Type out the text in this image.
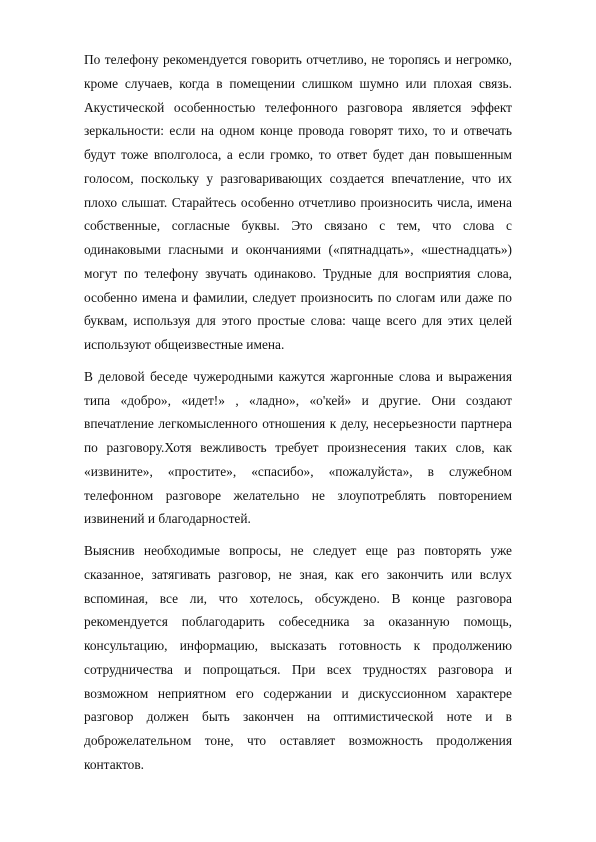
По телефону рекомендуется говорить отчетливо, не торопясь и негромко, кроме случаев, когда в помещении слишком шумно или плохая связь. Акустической особенностью телефонного разговора является эффект зеркальности: если на одном конце провода говорят тихо, то и отвечать будут тоже вполголоса, а если громко, то ответ будет дан повышенным голосом, поскольку у разговаривающих создается впечатление, что их плохо слышат. Старайтесь особенно отчетливо произносить числа, имена собственные, согласные буквы. Это связано с тем, что слова с одинаковыми гласными и окончаниями («пятнадцать», «шестнадцать») могут по телефону звучать одинаково. Трудные для восприятия слова, особенно имена и фамилии, следует произносить по слогам или даже по буквам, используя для этого простые слова: чаще всего для этих целей используют общеизвестные имена.

В деловой беседе чужеродными кажутся жаргонные слова и выражения типа «добро», «идет!» , «ладно», «о'кей» и другие. Они создают впечатление легкомысленного отношения к делу, несерьезности партнера по разговору.Хотя вежливость требует произнесения таких слов, как «извините», «простите», «спасибо», «пожалуйста», в служебном телефонном разговоре желательно не злоупотреблять повторением извинений и благодарностей.

Выяснив необходимые вопросы, не следует еще раз повторять уже сказанное, затягивать разговор, не зная, как его закончить или вслух вспоминая, все ли, что хотелось, обсуждено. В конце разговора рекомендуется поблагодарить собеседника за оказанную помощь, консультацию, информацию, высказать готовность к продолжению сотрудничества и попрощаться. При всех трудностях разговора и возможном неприятном его содержании и дискуссионном характере разговор должен быть закончен на оптимистической ноте и в доброжелательном тоне, что оставляет возможность продолжения контактов.
